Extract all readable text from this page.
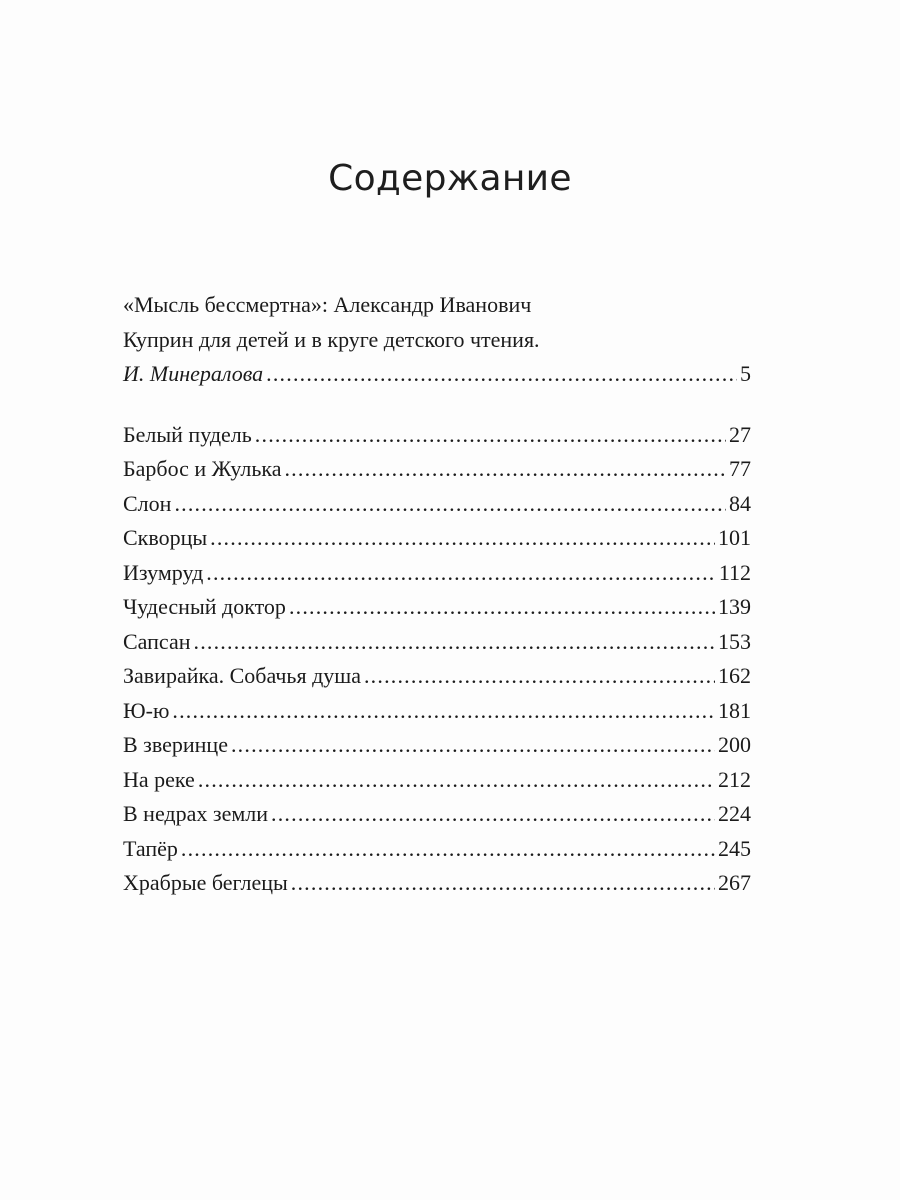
Содержание
«Мысль бессмертна»: Александр Иванович
Куприн для детей и в круге детского чтения.
И. Минералова .....	5
Белый пудель .....	27
Барбос и Жулька .....	77
Слон .....	84
Скворцы .....	101
Изумруд .....	112
Чудесный доктор .....	139
Сапсан .....	153
Завирайка. Собачья душа .....	162
Ю-ю .....	181
В зверинце .....	200
На реке .....	212
В недрах земли .....	224
Тапёр .....	245
Храбрые беглецы .....	267
